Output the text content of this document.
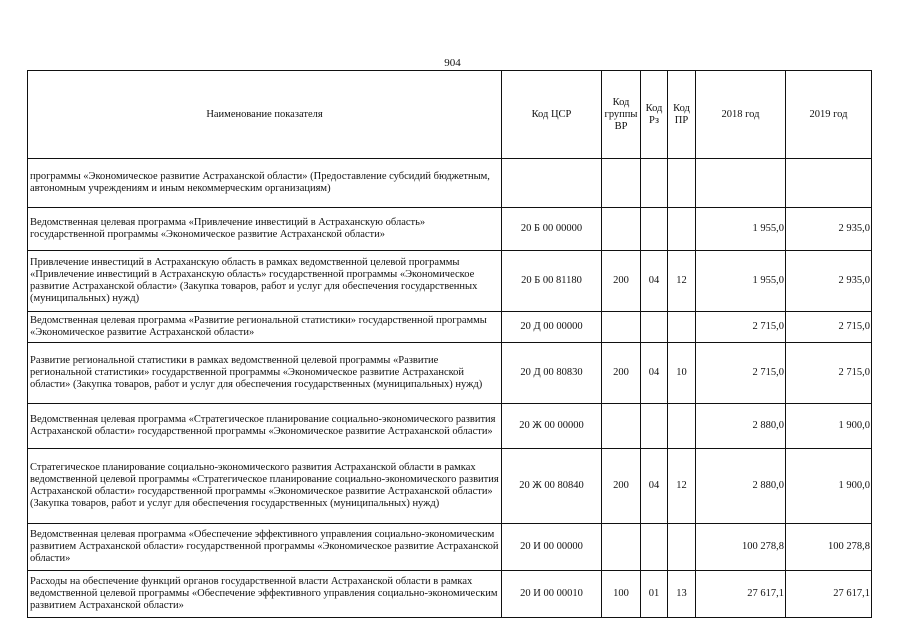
904
Наименование показателя	Код ЦСР	Код группы ВР	Код Рз	Код ПР	2018 год	2019 год
программы «Экономическое развитие Астраханской области» (Предоставление субсидий бюджетным, автономным учреждениям и иным некоммерческим организациям)						
Ведомственная целевая программа «Привлечение инвестиций в Астраханскую область» государственной программы «Экономическое развитие Астраханской области»	20 Б 00 00000				1 955,0	2 935,0
Привлечение инвестиций в Астраханскую область в рамках ведомственной целевой программы «Привлечение инвестиций в Астраханскую область» государственной программы «Экономическое развитие Астраханской области» (Закупка товаров, работ и услуг для обеспечения государственных (муниципальных) нужд)	20 Б 00 81180	200	04	12	1 955,0	2 935,0
Ведомственная целевая программа «Развитие региональной статистики» государственной программы «Экономическое развитие Астраханской области»	20 Д 00 00000				2 715,0	2 715,0
Развитие региональной статистики в рамках ведомственной целевой программы «Развитие региональной статистики» государственной программы «Экономическое развитие Астраханской области» (Закупка товаров, работ и услуг для обеспечения государственных (муниципальных) нужд)	20 Д 00 80830	200	04	10	2 715,0	2 715,0
Ведомственная целевая программа «Стратегическое планирование социально-экономического развития Астраханской области» государственной программы «Экономическое развитие Астраханской области»	20 Ж 00 00000				2 880,0	1 900,0
Стратегическое планирование социально-экономического развития Астраханской области в рамках ведомственной целевой программы «Стратегическое планирование социально-экономического развития Астраханской области» государственной программы «Экономическое развитие Астраханской области» (Закупка товаров, работ и услуг для обеспечения государственных (муниципальных) нужд)	20 Ж 00 80840	200	04	12	2 880,0	1 900,0
Ведомственная целевая программа «Обеспечение эффективного управления социально-экономическим развитием Астраханской области» государственной программы «Экономическое развитие Астраханской области»	20 И 00 00000				100 278,8	100 278,8
Расходы на обеспечение функций органов государственной власти Астраханской области в рамках ведомственной целевой программы «Обеспечение эффективного управления социально-экономическим развитием Астраханской области»	20 И 00 00010	100	01	13	27 617,1	27 617,1
